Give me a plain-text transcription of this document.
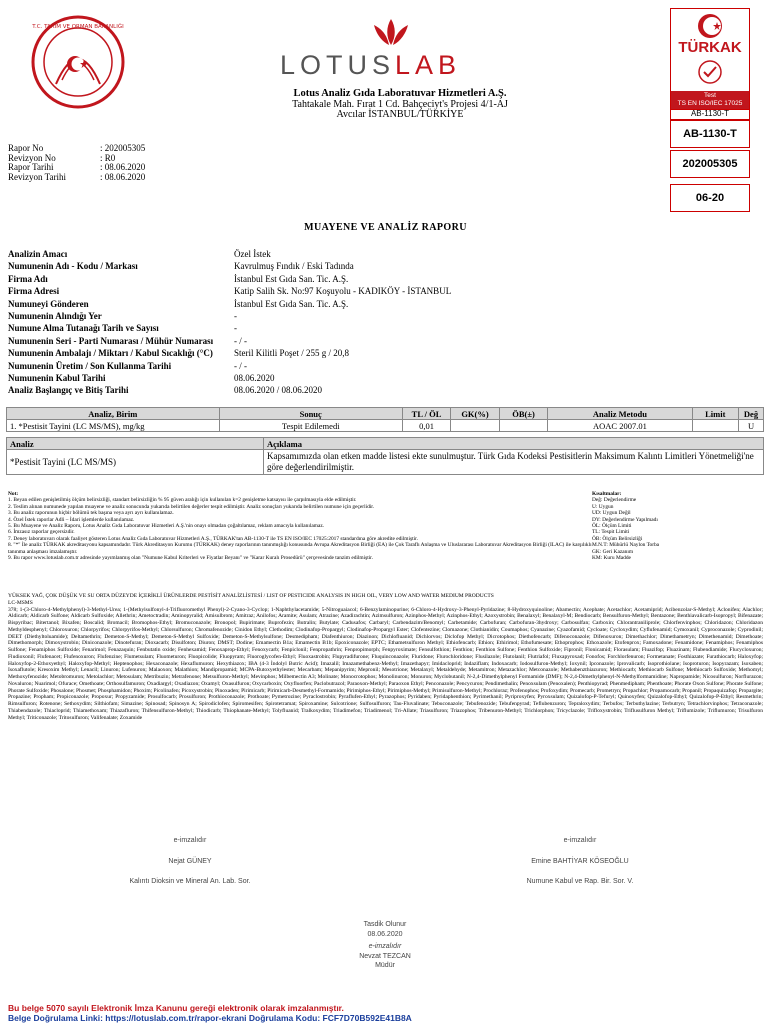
T.C. TARIM VE ORMAN BAKANLIĞI
LOTUSLAB
Lotus Analiz Gıda Laboratuvar Hizmetleri A.Ş.
Tahtakale Mah. Fırat 1 Cd. Bahçeciyt's Projesi 4/1-AJ
Avcılar İSTANBUL/TÜRKİYE
TÜRKAK
Test
TS EN ISO/IEC 17025
AB-1130-T
AB-1130-T
202005305
06-20
Rapor No	: 202005305
Revizyon No	: R0
Rapor Tarihi	: 08.06.2020
Revizyon Tarihi	: 08.06.2020
MUAYENE VE ANALİZ RAPORU
Analizin Amacı	Özel İstek
Numunenin Adı - Kodu / Markası	Kavrulmuş Fındık / Eski Tadında
Firma Adı	İstanbul Est Gıda San. Tic. A.Ş.
Firma Adresi	Katip Salih Sk. No:97 Koşuyolu - KADIKÖY - İSTANBUL
Numuneyi Gönderen	İstanbul Est Gıda San. Tic. A.Ş.
Numunenin Alındığı Yer	-
Numune Alma Tutanağı Tarih ve Sayısı	-
Numunenin Seri - Parti Numarası / Mühür Numarası	- / -
Numunenin Ambalajı / Miktarı / Kabul Sıcaklığı (°C)	Steril Kilitli Poşet / 255 g / 20,8
Numunenin Üretim / Son Kullanma Tarihi	- / -
Numunenin Kabul Tarihi	08.06.2020
Analiz Başlangıç ve Bitiş Tarihi	08.06.2020 / 08.06.2020
Analiz, Birim	Sonuç	TL / ÖL	GK(%)	ÖB(±)	Analiz Metodu	Limit	Değ
1. *Pestisit Tayini (LC MS/MS), mg/kg	Tespit Edilemedi	0,01			AOAC 2007.01		U
Analiz	Açıklama
*Pestisit Tayini (LC MS/MS)	Kapsamımızda olan etken madde listesi ekte sunulmuştur. Türk Gıda Kodeksi Pestisitlerin Maksimum Kalıntı Limitleri Yönetmeliği'ne göre değerlendirilmiştir.
Not:
1. Beyan edilen genişletilmiş ölçüm belirsizliği, standart belirsizliğin % 95 güven aralığı için kullanılan k=2 genişletme katsayısı ile çarpılmasıyla elde edilmiştir.
2. Teslim alınan numunede yapılan muayene ve analiz sonucunda yukarıda belirtilen değerler tespit edilmiştir. Analiz sonuçları yukarıda belirtilen numune için geçerlidir.
3. Bu analiz raporunun hiçbir bölümü tek başına veya ayrı ayrı kullanılamaz.
4. Özel İstek raporlar Adli – İdari işlemlerde kullanılamaz.
5. Bu Muayene ve Analiz Raporu, Lotus Analiz Gıda Laboratuvar Hizmetleri A.Ş.'nin onayı olmadan çoğaltılamaz, reklam amacıyla kullanılamaz.
6. İmzasız raporlar geçersizdir.
7. Deney laboratuvarı olarak faaliyet gösteren Lotus Analiz Gıda Laboratuvar Hizmetleri A.Ş., TÜRKAK'tan AB-1130-T ile TS EN ISO/IEC 17025:2017 standardına göre akredite edilmiştir.
8. "*" İle analiz TÜRKAK akreditasyonu kapsamındadır. Türk Akreditasyon Kurumu (TÜRKAK) deney raporlarının tanınmışlığı konusunda Avrupa Akreditasyon Birliği (EA) ile Çok Taraflı Anlaşma ve Uluslararası Laboratuvar Akreditasyon Birliği (ILAC) ile karşılıklı tanınma anlaşması imzalamıştır.
9. Bu rapor www.lotuslab.com.tr adresinde yayımlanmış olan "Numune Kabul Kriterleri ve Fiyatlar Beyanı" ve "Karar Kuralı Prosedürü" çerçevesinde tanzim edilmiştir.
Kısaltmalar:
Değ: Değerlendirme
U: Uygun
UD: Uygun Değil
DY: Değerlendirme Yapılmadı
ÖL: Ölçüm Limiti
TL: Tespit Limiti
ÖB: Ölçüm Belirsizliği
M.N.T: Mühürlü Naylon Torba
GK: Geri Kazanım
KM: Kuru Madde
YÜKSEK YAĞ, ÇOK DÜŞÜK VE SU ORTA DÜZEYDE İÇERİKLİ ÜRÜNLERDE PESTİSİT ANALİZLİSTESİ / LIST OF PESTICIDE ANALYSIS IN HIGH OIL, VERY LOW AND WATER MEDIUM PRODUCTS
LC-MSMS
378; 1-(3-Chloro-4-Methylphenyl)-3-Methyl-Urea; 1-(Methylsulfonyl-4-Trifluoromethyl Phenyl)-2-Cyano-3-Cyclop; 1-Naphthylacetamide; 5-Nitroguaiacol; 6-Benzylaminopurine; 6-Chloro-4-Hydroxy-3-Phenyl-Pyridazine; 8-Hydroxyquinoline; Abamectin; Acephate; Acetachlor; Acetamiprid; Acibenzolar-S-Methyl; Aclonifen; Alachlor; Aldicarb; Aldicarb Sulfone; Aldicarb Sulfoxide; Allethrin; Ametoctradin; Aminopyralid; Amisulbrom; Amitraz; Anilofos; Aramite; Asulam; Atrazine; Azadirachtin; Azimsulfuron; Azinphos-Methyl; Azinphos-Ethyl; Azoxystrobin; Benalaxyl; Benalaxyl-M; Bendiocarb; Bensulfuron-Methyl; Bentazone; Benthiavalicarb-Isopropyl; Bifenazate; Bispyribac; Bitertanol; Bixafen; Boscalid; Bromacil; Bromophos-Ethyl; Bromuconazole; Bronopol; Bupirimate; Buprofezin; Butralin; Butylate; Cadusafos; Carbaryl; Carbendazim/Benomyl; Carbetamide; Carbofuran; Carbofuran-3hydroxy; Carbosulfan; Carboxin; Chlorantraniliprole; Chlorfenvinphos; Chloridazon; Chloridazon Methyldesphenyl; Chloroxuron; Chlorpyrifos; Chlorpyrifos-Methyl; Chlorsulfuron; Chromafenozide; Cinidon Ethyl; Clethodim; Clodinafop-Propargyl; Clodinafop-Propargyl Ester; Clofentezine; Clomazone; Clothianidin; Coumaphos; Cyanazine; Cyazofamid; Cycloate; Cycloxydim; Cyflufenamid; Cymoxanil; Cyproconazole; Cyprodinil; DEET (Diethyltoluamide); Deltamethrin; Demeton-S-Methyl; Demeton-S-Methyl Sulfoxide; Demeton-S-Methylsulfone; Desmedipham; Diafenthiuron; Diazinon; Dichlofluanid; Dichlorvos; Diclofop Methyl; Dicrotophos; Diethofencarb; Difenoconazole; Difenoxuron; Dimethachlor; Dimethametryn; Dimethenamid; Dimethoate; Dimethomorph; Dimoxystrobin; Diniconazole; Dinotefuran; Dioxacarb; Disulfoton; Diuron; DMST; Dodine; Emamectin B1a; Emamectin B1b; Epoxiconazole; EPTC; Ethametsulfuron Methyl; Ethiofencarb; Ethion; Ethirimol; Ethofumesate; Ethoprophos; Ethoxazole; Etofenprox; Famoxadone; Fenamidone; Fenamiphos; Fenamiphos Sulfone; Fenamiphos Sulfoxide; Fenarimol; Fenazaquin; Fenbutatin oxide; Fenhexamid; Fenoxaprop-Ethyl; Fenoxycarb; Fenpiclonil; Fenpropathrin; Fenpropimorph; Fenpyroximate; Fensulfothion; Fenthion; Fenthion Sulfone; Fenthion Sulfoxide; Fipronil; Flonicamid; Florasulam; Fluazifop; Fluazinam; Flubendiamide; Flucycloxuron; Fludioxonil; Flufenacet; Flufenoxuron; Flufenzine; Flumetsulam; Fluometuron; Fluopicolide; Fluopyram; Fluoroglycofen-Ethyl; Fluoxastrobin; Flupyradifurone; Fluquinconazole; Fluridone; Flurochloridone; Flusilazole; Flutolanil; Flutriafol; Fluxapyroxad; Fonofos; Forchlorfenuron; Formetanate; Fosthiazate; Furathiocarb; Haloxyfop; Haloxyfop-2-Ethoxyethyl; Haloxyfop-Methyl; Heptenophos; Hexaconazole; Hexaflumuron; Hexythiazox; IBA (4-3 İndolyl Butric Acid); Imazalil; Imazamethabenz-Methyl; Imazethapyr; Imidacloprid; Indaziflam; Indoxacarb; Iodosulfuron-Methyl; Ioxynil; Ipconazole; Iprovalicarb; Isoprothiolane; Isoproturon; Isopyrazam; Isoxaben; Isoxaflutole; Kresoxim Methyl; Lenacil; Linuron; Lufenuron; Malaoxon; Malathion; Mandipropamid; MCPA-Butoxyethylester; Mecarbam; Mepanipyrim; Mepronil; Mesotrione; Metalaxyl; Metaldehyde; Metamitron; Metazachlor; Metconazole; Methabenzthiazuron; Methiocarb; Methiocarb Sulfone; Methiocarb Sulfoxide; Methomyl; Methoxyfenozide; Metobromuron; Metolachlor; Metosulam; Metribuzin; Metrafenone; Metsulfuron-Methyl; Mevinphos; Milbemectin A3; Molinate; Monocrotophos; Monolinuron; Monuron; Myclobutanil; N-2,4-Dimethylphenyl Formamide (DMF); N-2,4-Dimethylphenyl-N-Methylformamidine; Napropamide; Nicosulfuron; Norflurazon; Novaluron; Nuarimol; Ofurace; Omethoate; Orthosulfamuron; Oxadiargyl; Oxadiazon; Oxamyl; Oxasulfuron; Oxycarboxin; Oxyfluorfen; Paclobutrazol; Paraoxon-Methyl; Paraoxon Ethyl; Penconazole; Pencycuron; Pendimethalin; Penoxsulam (Penoxalen); Penthiopyrad; Phenmedipham; Phenthoate; Phorate Oxon Sulfone; Phorate Sulfone; Phorate Sulfoxide; Phosalone; Phosmet; Phosphamidon; Phoxim; Picolinafen; Picoxystrobin; Pinoxaden; Pirimicarb; Pirimicarb-Desmethyl-Formamido; Pirimiphos-Ethyl; Pirimiphos-Methyl; Primisulfuron-Methyl; Prochloraz; Profenophos; Profoxydim; Promecarb; Prometryn; Propachlor; Propamocarb; Propanil; Propaquizafop; Propargite; Propazine; Propham; Propiconazole; Propoxur; Propyzamide; Prosulfocarb; Prosulfuron; Prothioconazole; Prothoate; Pymetrozine; Pyraclostrobin; Pyraflufen-Ethyl; Pyrazophos; Pyridaben; Pyridaphenthion; Pyrimethanil; Pyriproxyfen; Pyroxsulam; Quizalofop-P-Tefuryl; Quinoxyfen; Quizalofop-Ethyl; Quizalofop-P-Ethyl; Resmethrin; Rimsulfuron; Rotenone; Sethoxydim; Silthiofam; Simazine; Spinosad; Spinosyn A; Spirodiclofen; Spiromesifen; Spirotetramat; Spiroxamine; Sulcotrione; Sulfosulfuron; Tau-Fluvalinate; Tebuconazole; Tebufenozide; Tebufenpyrad; Teflubenzuron; Tepraloxydim; Terbufos; Terbuthylazine; Terbutryn; Tetrachlorvinphos; Tetraconazole; Thiabendazole; Thiacloprid; Thiamethoxam; Thiazafluron; Thifensulfuron-Methyl; Thiodicarb; Thiophanate-Methyl; Tolyfluanid; Tralkoxydim; Triadimefon; Triadimenol; Tri-Allate; Triasulfuron; Triazophos; Tribenuron-Methyl; Trichlorphon; Tricyclazole; Trifloxystrobin; Triflusulfuron Methyl; Triflumizole; Triflumuron; Trisulfuron Methyl; Triticonazole; Tritosulfuron; Valifenalate; Zoxamide
e-imzalıdır
Nejat GÜNEY
Kalıntı Dioksin ve Mineral An. Lab. Sor.
e-imzalıdır
Emine BAHTİYAR KÖSEOĞLU
Numune Kabul ve Rap. Bir. Sor. V.
Tasdik Olunur
08.06.2020
e-imzalıdır
Nevzat TEZCAN
Müdür
Bu belge 5070 sayılı Elektronik İmza Kanunu gereği elektronik olarak imzalanmıştır.
Belge Doğrulama Linki: https://lotuslab.com.tr/rapor-ekrani Doğrulama Kodu: FCF7D70B592E41B8A
